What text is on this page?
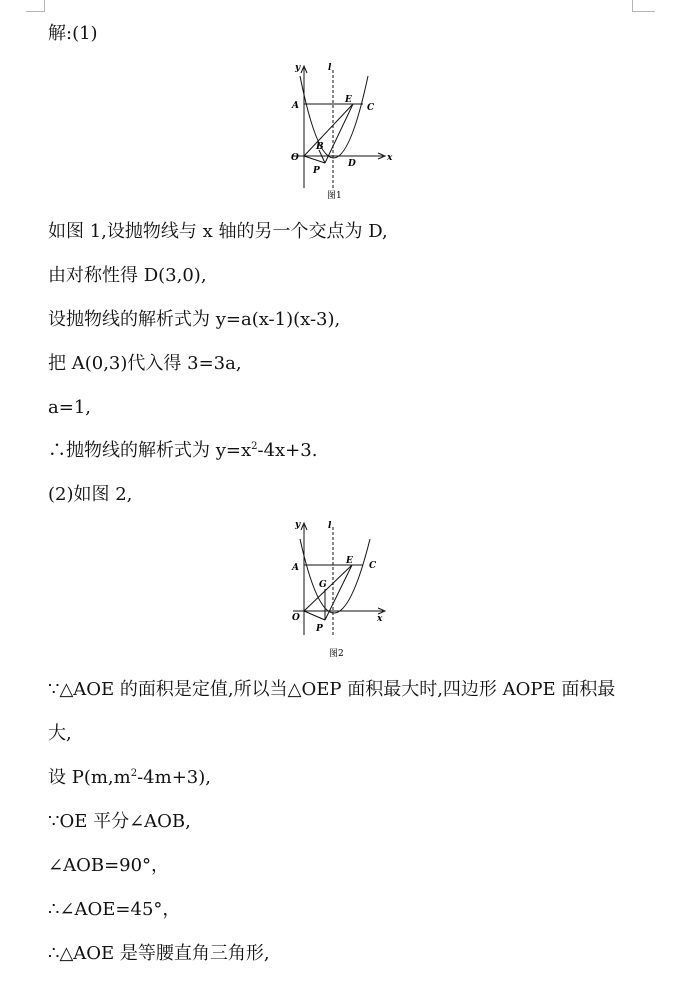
解:(1)
y
x
l
A
E
C
O
B
P
D
图1
如图 1,设抛物线与 x 轴的另一个交点为 D,
由对称性得 D(3,0),
设抛物线的解析式为 y=a(x-1)(x-3),
把 A(0,3)代入得 3=3a,
a=1,
∴抛物线的解析式为 $y=x^2-4x+3$.
(2)如图 2,
y
x
l
A
E C
G
O
P
图2
∵△AOE 的面积是定值,所以当△OEP 面积最大时,四边形 AOPE 面积最
大,
设 $P(m,m^2-4m+3)$,
∵OE 平分∠AOB,
∠AOB=90°，
∴∠AOE=45°，
∴△AOE 是等腰直角三角形,
